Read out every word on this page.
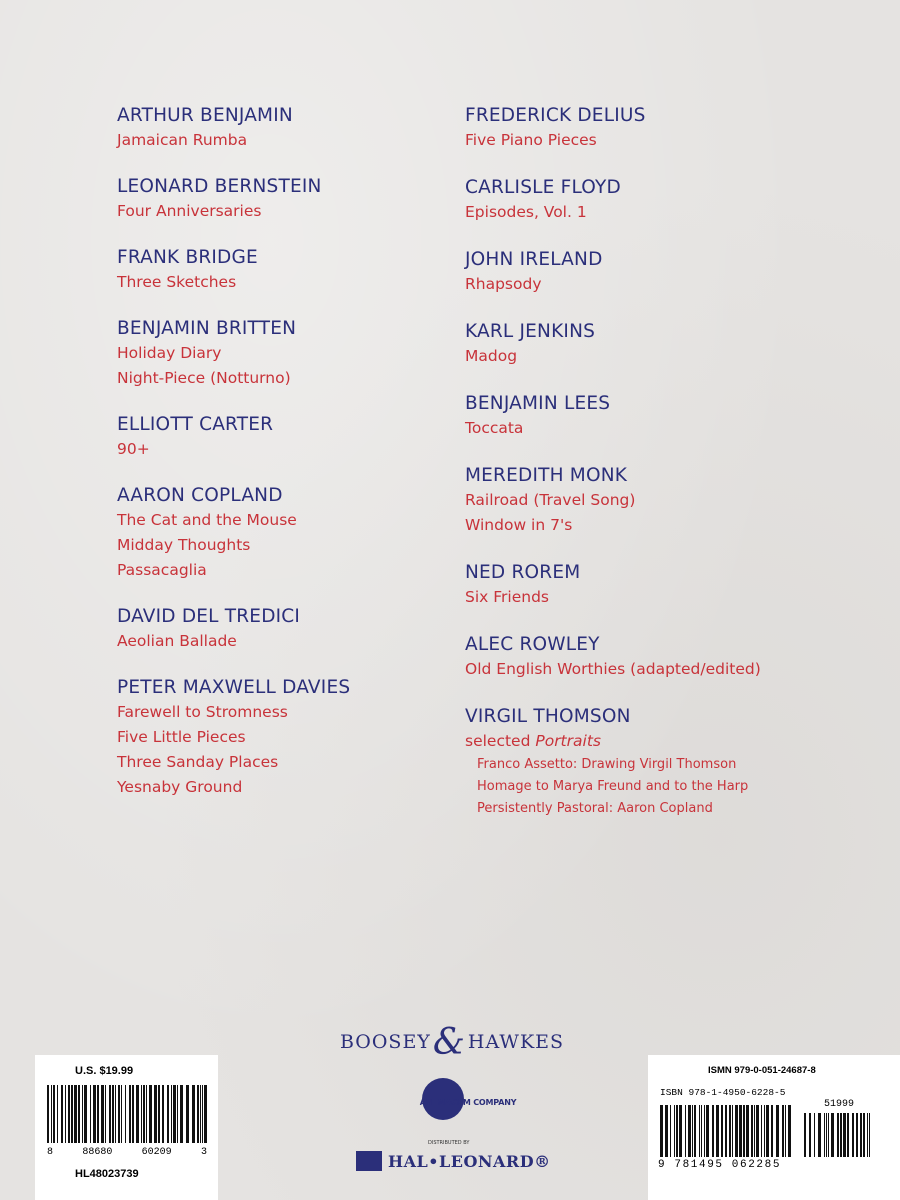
ARTHUR BENJAMIN
Jamaican Rumba
LEONARD BERNSTEIN
Four Anniversaries
FRANK BRIDGE
Three Sketches
BENJAMIN BRITTEN
Holiday Diary
Night-Piece (Notturno)
ELLIOTT CARTER
90+
AARON COPLAND
The Cat and the Mouse
Midday Thoughts
Passacaglia
DAVID DEL TREDICI
Aeolian Ballade
PETER MAXWELL DAVIES
Farewell to Stromness
Five Little Pieces
Three Sanday Places
Yesnaby Ground
FREDERICK DELIUS
Five Piano Pieces
CARLISLE FLOYD
Episodes, Vol. 1
JOHN IRELAND
Rhapsody
KARL JENKINS
Madog
BENJAMIN LEES
Toccata
MEREDITH MONK
Railroad (Travel Song)
Window in 7's
NED ROREM
Six Friends
ALEC ROWLEY
Old English Worthies (adapted/edited)
VIRGIL THOMSON
selected Portraits
Franco Assetto: Drawing Virgil Thomson
Homage to Marya Freund and to the Harp
Persistently Pastoral: Aaron Copland
BOOSEY& HAWKES
AN IMAGEM COMPANY
DISTRIBUTED BY
HAL•LEONARD®
U.S. $19.99
8	88680	60209	3
HL48023739
ISMN 979-0-051-24687-8
ISBN 978-1-4950-6228-5
51999
9 781495 062285
